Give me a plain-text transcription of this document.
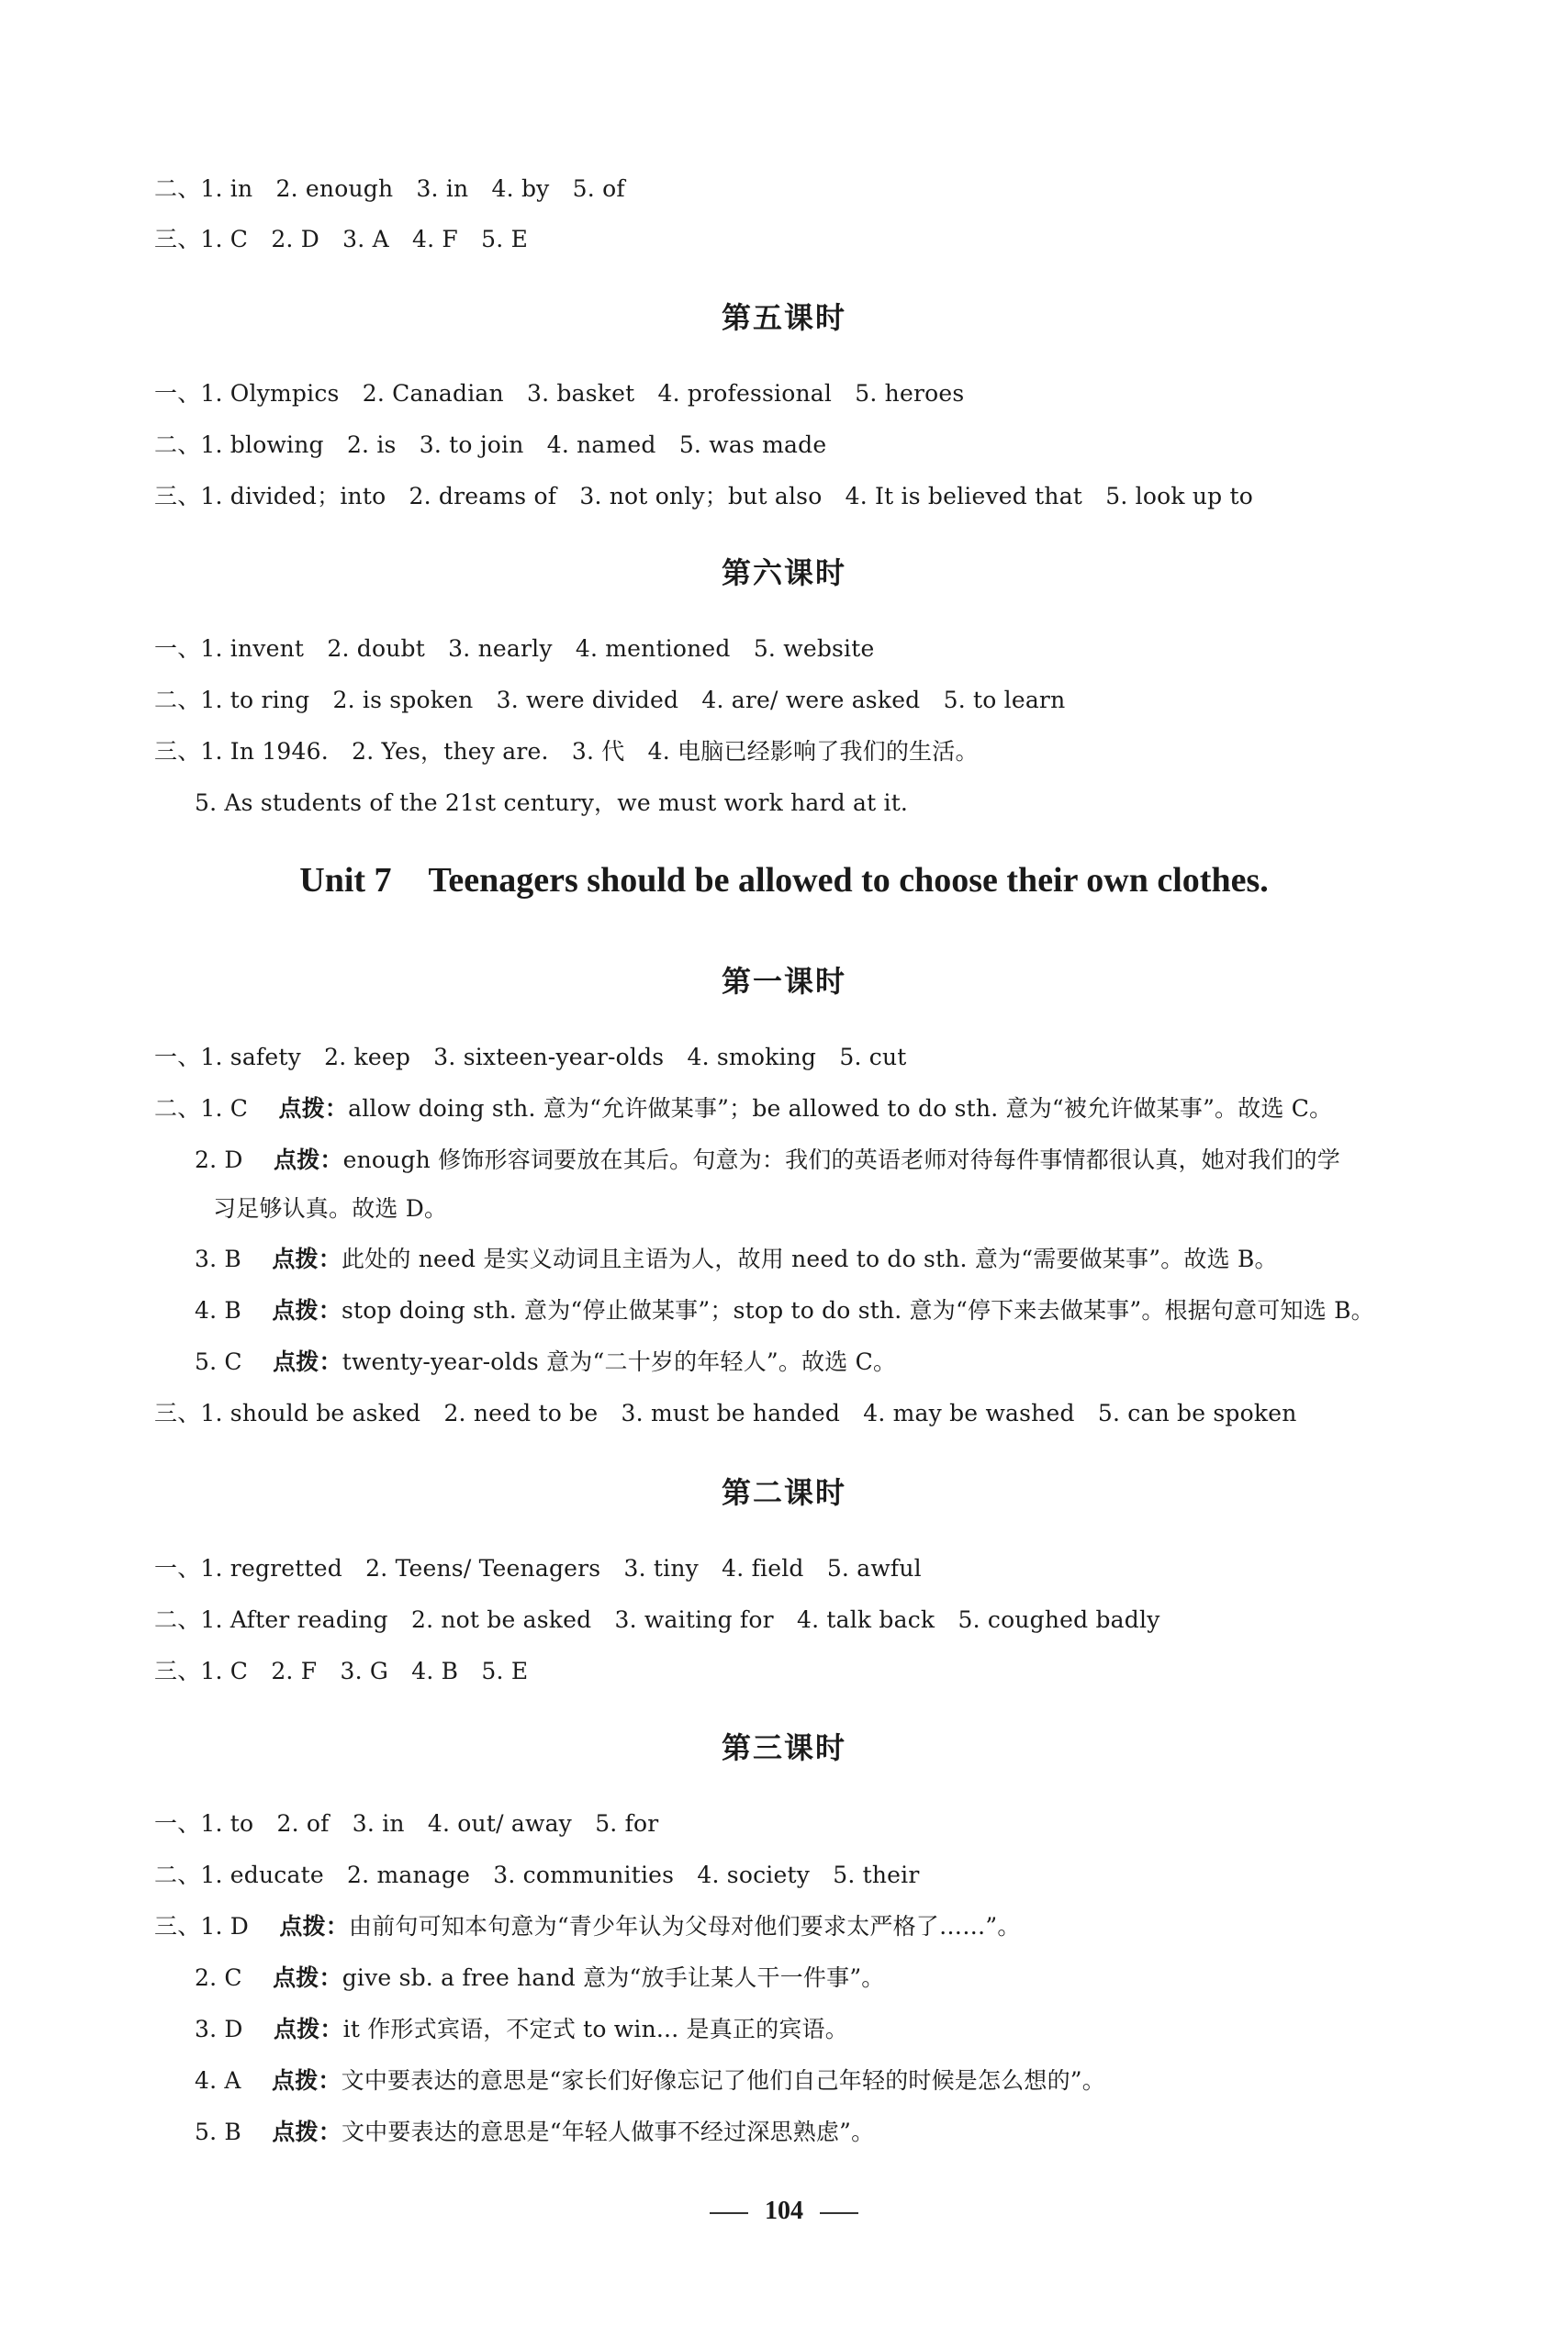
二、1. in　2. enough　3. in　4. by　5. of
三、1. C　2. D　3. A　4. F　5. E
第五课时
一、1. Olympics　2. Canadian　3. basket　4. professional　5. heroes
二、1. blowing　2. is　3. to join　4. named　5. was made
三、1. divided；into　2. dreams of　3. not only；but also　4. It is believed that　5. look up to
第六课时
一、1. invent　2. doubt　3. nearly　4. mentioned　5. website
二、1. to ring　2. is spoken　3. were divided　4. are/ were asked　5. to learn
三、1. In 1946.　2. Yes，they are.　3. 代　4. 电脑已经影响了我们的生活。
5. As students of the 21st century，we must work hard at it.
Unit 7 Teenagers should be allowed to choose their own clothes.
第一课时
一、1. safety　2. keep　3. sixteen-year-olds　4. smoking　5. cut
二、1. C　 点拨：allow doing sth. 意为“允许做某事”；be allowed to do sth. 意为“被允许做某事”。故选 C。
2. D　 点拨：enough 修饰形容词要放在其后。句意为：我们的英语老师对待每件事情都很认真，她对我们的学
习足够认真。故选 D。
3. B　 点拨：此处的 need 是实义动词且主语为人，故用 need to do sth. 意为“需要做某事”。故选 B。
4. B　 点拨：stop doing sth. 意为“停止做某事”；stop to do sth. 意为“停下来去做某事”。根据句意可知选 B。
5. C　 点拨：twenty-year-olds 意为“二十岁的年轻人”。故选 C。
三、1. should be asked　2. need to be　3. must be handed　4. may be washed　5. can be spoken
第二课时
一、1. regretted　2. Teens/ Teenagers　3. tiny　4. field　5. awful
二、1. After reading　2. not be asked　3. waiting for　4. talk back　5. coughed badly
三、1. C　2. F　3. G　4. B　5. E
第三课时
一、1. to　2. of　3. in　4. out/ away　5. for
二、1. educate　2. manage　3. communities　4. society　5. their
三、1. D　 点拨：由前句可知本句意为“青少年认为父母对他们要求太严格了……”。
2. C　 点拨：give sb. a free hand 意为“放手让某人干一件事”。
3. D　 点拨：it 作形式宾语，不定式 to win... 是真正的宾语。
4. A　 点拨：文中要表达的意思是“家长们好像忘记了他们自己年轻的时候是怎么想的”。
5. B　 点拨：文中要表达的意思是“年轻人做事不经过深思熟虑”。
104
